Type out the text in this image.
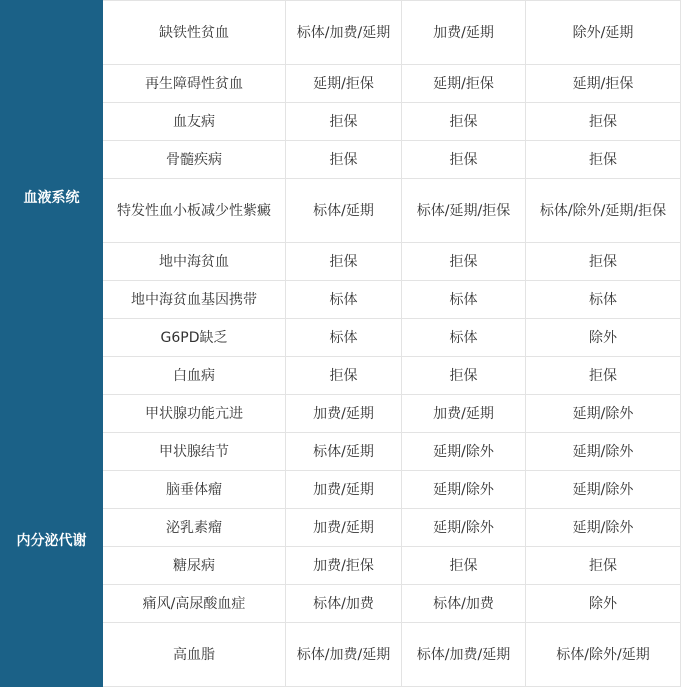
血液系统	缺铁性贫血	标体/加费/延期	加费/延期	除外/延期
	再生障碍性贫血	延期/拒保	延期/拒保	延期/拒保
	血友病	拒保	拒保	拒保
	骨髓疾病	拒保	拒保	拒保
	特发性血小板减少性紫癜	标体/延期	标体/延期/拒保	标体/除外/延期/拒保
	地中海贫血	拒保	拒保	拒保
	地中海贫血基因携带	标体	标体	标体
	G6PD缺乏	标体	标体	除外
	白血病	拒保	拒保	拒保
内分泌代谢	甲状腺功能亢进	加费/延期	加费/延期	延期/除外
	甲状腺结节	标体/延期	延期/除外	延期/除外
	脑垂体瘤	加费/延期	延期/除外	延期/除外
	泌乳素瘤	加费/延期	延期/除外	延期/除外
	糖尿病	加费/拒保	拒保	拒保
	痛风/高尿酸血症	标体/加费	标体/加费	除外
	高血脂	标体/加费/延期	标体/加费/延期	标体/除外/延期
